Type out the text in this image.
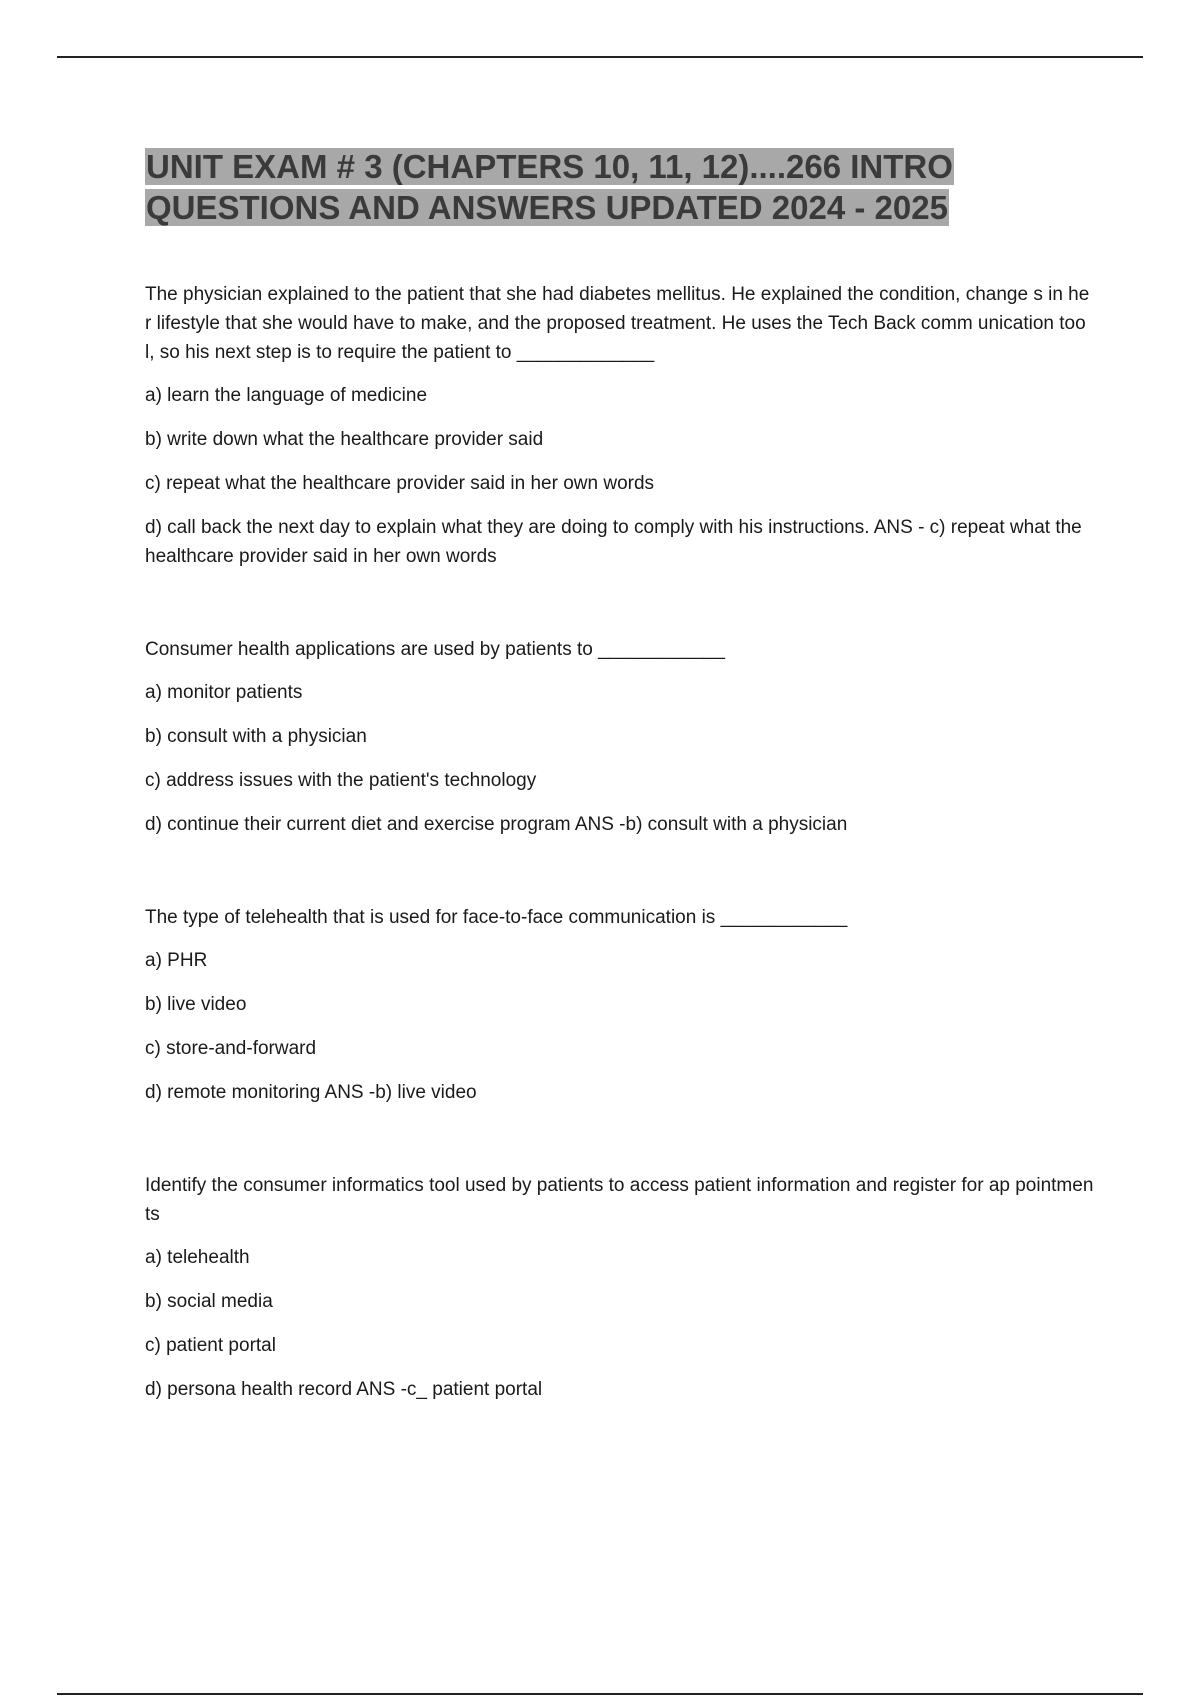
UNIT EXAM # 3 (CHAPTERS 10, 11, 12)....266 INTRO
QUESTIONS AND ANSWERS UPDATED 2024 - 2025

The physician explained to the patient that she had diabetes mellitus. He explained the condition, change s in her lifestyle that she would have to make, and the proposed treatment. He uses the Tech Back comm unication tool, so his next step is to require the patient to _____________

a) learn the language of medicine

b) write down what the healthcare provider said

c) repeat what the healthcare provider said in her own words

d) call back the next day to explain what they are doing to comply with his instructions. ANS - c) repeat what the healthcare provider said in her own words

Consumer health applications are used by patients to ____________

a) monitor patients

b) consult with a physician

c) address issues with the patient's technology

d) continue their current diet and exercise program ANS -b) consult with a physician

The type of telehealth that is used for face-to-face communication is ____________

a) PHR

b) live video

c) store-and-forward

d) remote monitoring ANS -b) live video

Identify the consumer informatics tool used by patients to access patient information and register for ap pointments

a) telehealth

b) social media

c) patient portal

d) persona health record ANS -c_ patient portal
